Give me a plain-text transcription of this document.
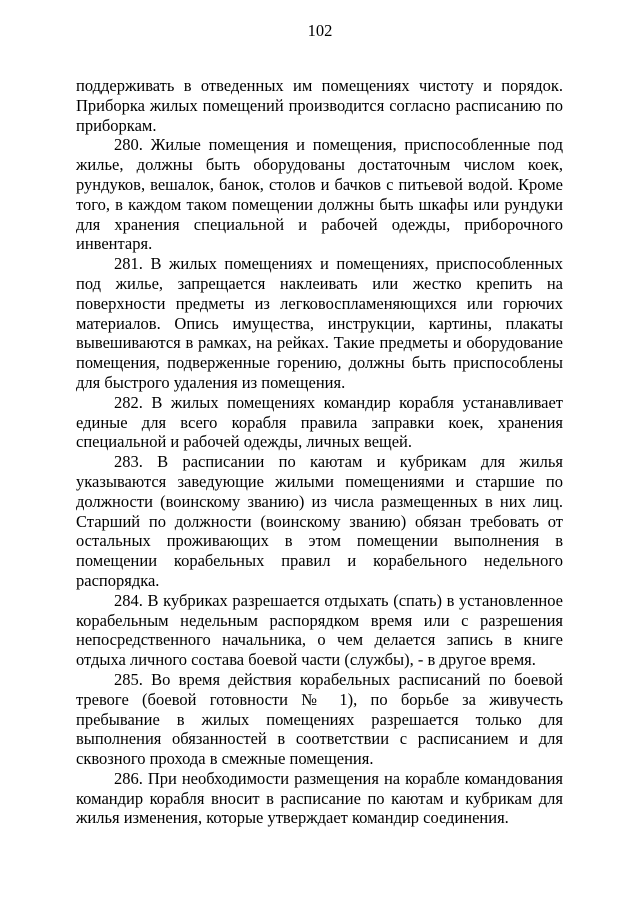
102

поддерживать в отведенных им помещениях чистоту и порядок. Приборка жилых помещений производится согласно расписанию по приборкам.

280. Жилые помещения и помещения, приспособленные под жилье, должны быть оборудованы достаточным числом коек, рундуков, вешалок, банок, столов и бачков с питьевой водой. Кроме того, в каждом таком помещении должны быть шкафы или рундуки для хранения специальной и рабочей одежды, приборочного инвентаря.

281. В жилых помещениях и помещениях, приспособленных под жилье, запрещается наклеивать или жестко крепить на поверхности предметы из легковоспламеняющихся или горючих материалов. Опись имущества, инструкции, картины, плакаты вывешиваются в рамках, на рейках. Такие предметы и оборудование помещения, подверженные горению, должны быть приспособлены для быстрого удаления из помещения.

282. В жилых помещениях командир корабля устанавливает единые для всего корабля правила заправки коек, хранения специальной и рабочей одежды, личных вещей.

283. В расписании по каютам и кубрикам для жилья указываются заведующие жилыми помещениями и старшие по должности (воинскому званию) из числа размещенных в них лиц. Старший по должности (воинскому званию) обязан требовать от остальных проживающих в этом помещении выполнения в помещении корабельных правил и корабельного недельного распорядка.

284. В кубриках разрешается отдыхать (спать) в установленное корабельным недельным распорядком время или с разрешения непосредственного начальника, о чем делается запись в книге отдыха личного состава боевой части (службы), - в другое время.

285. Во время действия корабельных расписаний по боевой тревоге (боевой готовности № 1), по борьбе за живучесть пребывание в жилых помещениях разрешается только для выполнения обязанностей в соответствии с расписанием и для сквозного прохода в смежные помещения.

286. При необходимости размещения на корабле командования командир корабля вносит в расписание по каютам и кубрикам для жилья изменения, которые утверждает командир соединения.
